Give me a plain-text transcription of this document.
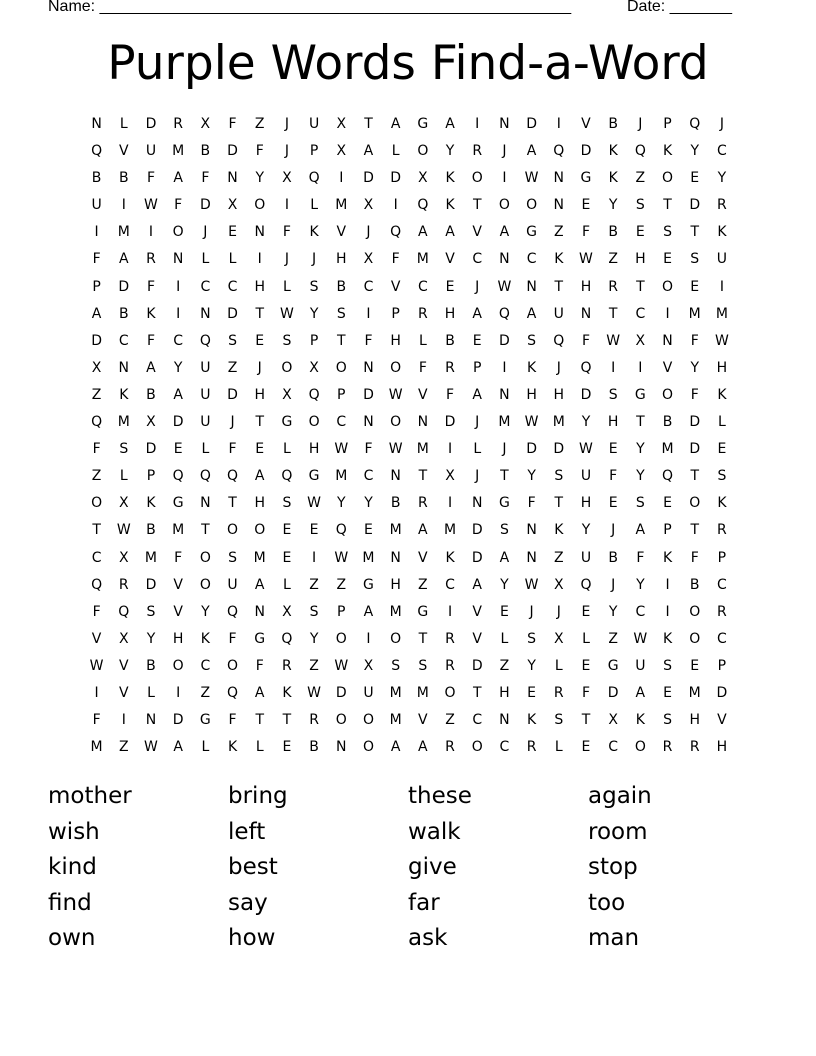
Name: _____________________________________________________	Date: _______
Purple Words Find-a-Word
N	L	D	R	X	F	Z	J	U	X	T	A	G	A	I	N	D	I	V	B	J	P	Q	J
Q	V	U	M	B	D	F	J	P	X	A	L	O	Y	R	J	A	Q	D	K	Q	K	Y	C
B	B	F	A	F	N	Y	X	Q	I	D	D	X	K	O	I	W	N	G	K	Z	O	E	Y
U	I	W	F	D	X	O	I	L	M	X	I	Q	K	T	O	O	N	E	Y	S	T	D	R
I	M	I	O	J	E	N	F	K	V	J	Q	A	A	V	A	G	Z	F	B	E	S	T	K
F	A	R	N	L	L	I	J	J	H	X	F	M	V	C	N	C	K	W	Z	H	E	S	U
P	D	F	I	C	C	H	L	S	B	C	V	C	E	J	W	N	T	H	R	T	O	E	I
A	B	K	I	N	D	T	W	Y	S	I	P	R	H	A	Q	A	U	N	T	C	I	M	M
D	C	F	C	Q	S	E	S	P	T	F	H	L	B	E	D	S	Q	F	W	X	N	F	W
X	N	A	Y	U	Z	J	O	X	O	N	O	F	R	P	I	K	J	Q	I	I	V	Y	H
Z	K	B	A	U	D	H	X	Q	P	D	W	V	F	A	N	H	H	D	S	G	O	F	K
Q	M	X	D	U	J	T	G	O	C	N	O	N	D	J	M	W	M	Y	H	T	B	D	L
F	S	D	E	L	F	E	L	H	W	F	W	M	I	L	J	D	D	W	E	Y	M	D	E
Z	L	P	Q	Q	Q	A	Q	G	M	C	N	T	X	J	T	Y	S	U	F	Y	Q	T	S
O	X	K	G	N	T	H	S	W	Y	Y	B	R	I	N	G	F	T	H	E	S	E	O	K
T	W	B	M	T	O	O	E	E	Q	E	M	A	M	D	S	N	K	Y	J	A	P	T	R
C	X	M	F	O	S	M	E	I	W	M	N	V	K	D	A	N	Z	U	B	F	K	F	P
Q	R	D	V	O	U	A	L	Z	Z	G	H	Z	C	A	Y	W	X	Q	J	Y	I	B	C
F	Q	S	V	Y	Q	N	X	S	P	A	M	G	I	V	E	J	J	E	Y	C	I	O	R
V	X	Y	H	K	F	G	Q	Y	O	I	O	T	R	V	L	S	X	L	Z	W	K	O	C
W	V	B	O	C	O	F	R	Z	W	X	S	S	R	D	Z	Y	L	E	G	U	S	E	P
I	V	L	I	Z	Q	A	K	W	D	U	M	M	O	T	H	E	R	F	D	A	E	M	D
F	I	N	D	G	F	T	T	R	O	O	M	V	Z	C	N	K	S	T	X	K	S	H	V
M	Z	W	A	L	K	L	E	B	N	O	A	A	R	O	C	R	L	E	C	O	R	R	H
mother	bring	these	again
wish	left	walk	room
kind	best	give	stop
find	say	far	too
own	how	ask	man
